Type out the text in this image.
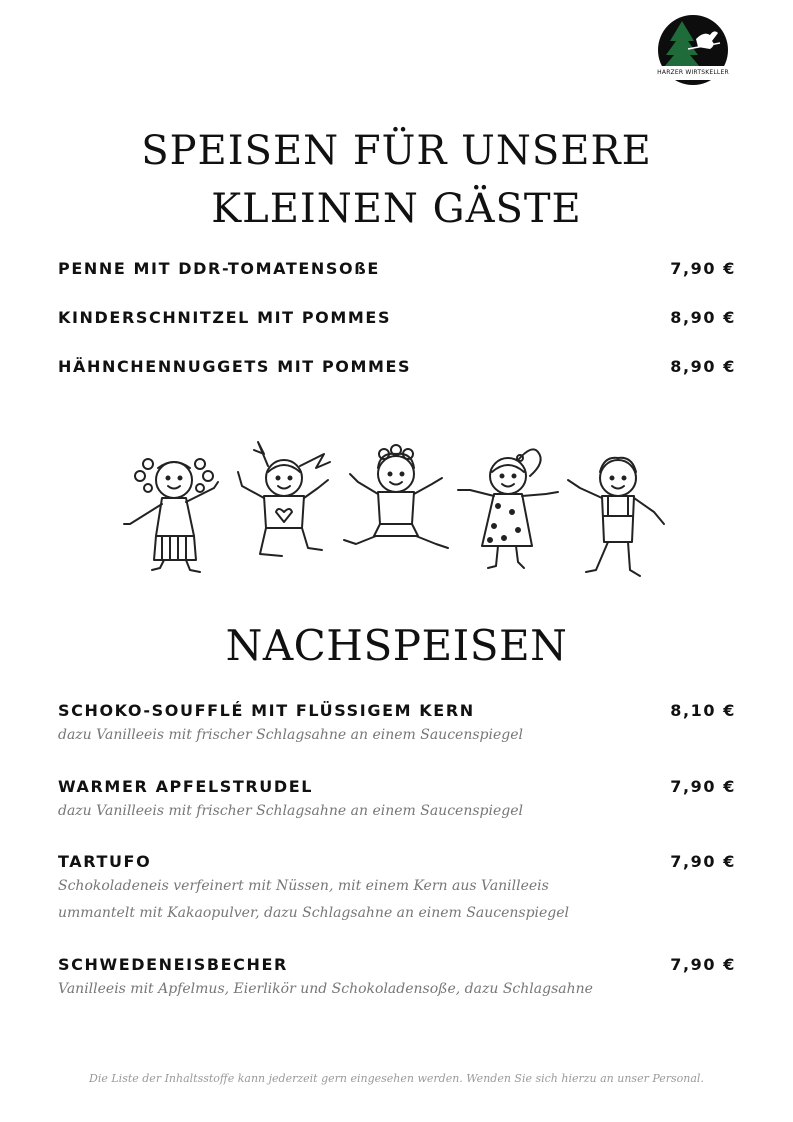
HARZER WIRTSKELLER
SPEISEN FÜR UNSERE
KLEINEN GÄSTE
PENNE MIT DDR-TOMATENSOßE	7,90 €
KINDERSCHNITZEL MIT POMMES	8,90 €
HÄHNCHENNUGGETS MIT POMMES	8,90 €
NACHSPEISEN
SCHOKO-SOUFFLÉ MIT FLÜSSIGEM KERN	8,10 €
dazu Vanilleeis mit frischer Schlagsahne an einem Saucenspiegel
WARMER APFELSTRUDEL	7,90 €
dazu Vanilleeis mit frischer Schlagsahne an einem Saucenspiegel
TARTUFO	7,90 €
Schokoladeneis verfeinert mit Nüssen, mit einem Kern aus Vanilleeis
ummantelt mit Kakaopulver, dazu Schlagsahne an einem Saucenspiegel
SCHWEDENEISBECHER	7,90 €
Vanilleeis mit Apfelmus, Eierlikör und Schokoladensoße, dazu Schlagsahne
Die Liste der Inhaltsstoffe kann jederzeit gern eingesehen werden. Wenden Sie sich hierzu an unser Personal.
